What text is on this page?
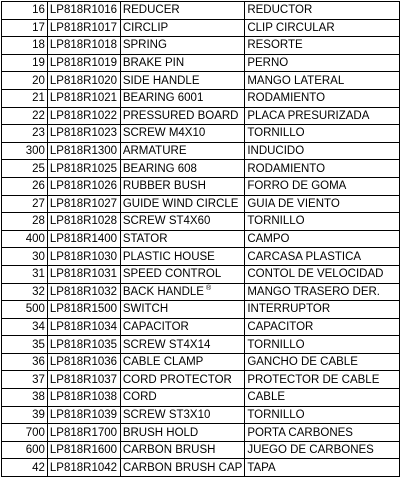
16	LP818R1016	REDUCER	REDUCTOR
17	LP818R1017	CIRCLIP	CLIP CIRCULAR
18	LP818R1018	SPRING	RESORTE
19	LP818R1019	BRAKE PIN	PERNO
20	LP818R1020	SIDE HANDLE	MANGO LATERAL
21	LP818R1021	BEARING 6001	RODAMIENTO
22	LP818R1022	PRESSURED BOARD	PLACA PRESURIZADA
23	LP818R1023	SCREW M4X10	TORNILLO
300	LP818R1300	ARMATURE	INDUCIDO
25	LP818R1025	BEARING 608	RODAMIENTO
26	LP818R1026	RUBBER BUSH	FORRO DE GOMA
27	LP818R1027	GUIDE WIND CIRCLE	GUIA DE VIENTO
28	LP818R1028	SCREW ST4X60	TORNILLO
400	LP818R1400	STATOR	CAMPO
30	LP818R1030	PLASTIC HOUSE	CARCASA PLASTICA
31	LP818R1031	SPEED CONTROL	CONTOL DE VELOCIDAD
32	LP818R1032	BACK HANDLE ®	MANGO TRASERO DER.
500	LP818R1500	SWITCH	INTERRUPTOR
34	LP818R1034	CAPACITOR	CAPACITOR
35	LP818R1035	SCREW ST4X14	TORNILLO
36	LP818R1036	CABLE CLAMP	GANCHO DE CABLE
37	LP818R1037	CORD PROTECTOR	PROTECTOR DE CABLE
38	LP818R1038	CORD	CABLE
39	LP818R1039	SCREW ST3X10	TORNILLO
700	LP818R1700	BRUSH HOLD	PORTA CARBONES
600	LP818R1600	CARBON BRUSH	JUEGO DE CARBONES
42	LP818R1042	CARBON BRUSH CAP	TAPA
